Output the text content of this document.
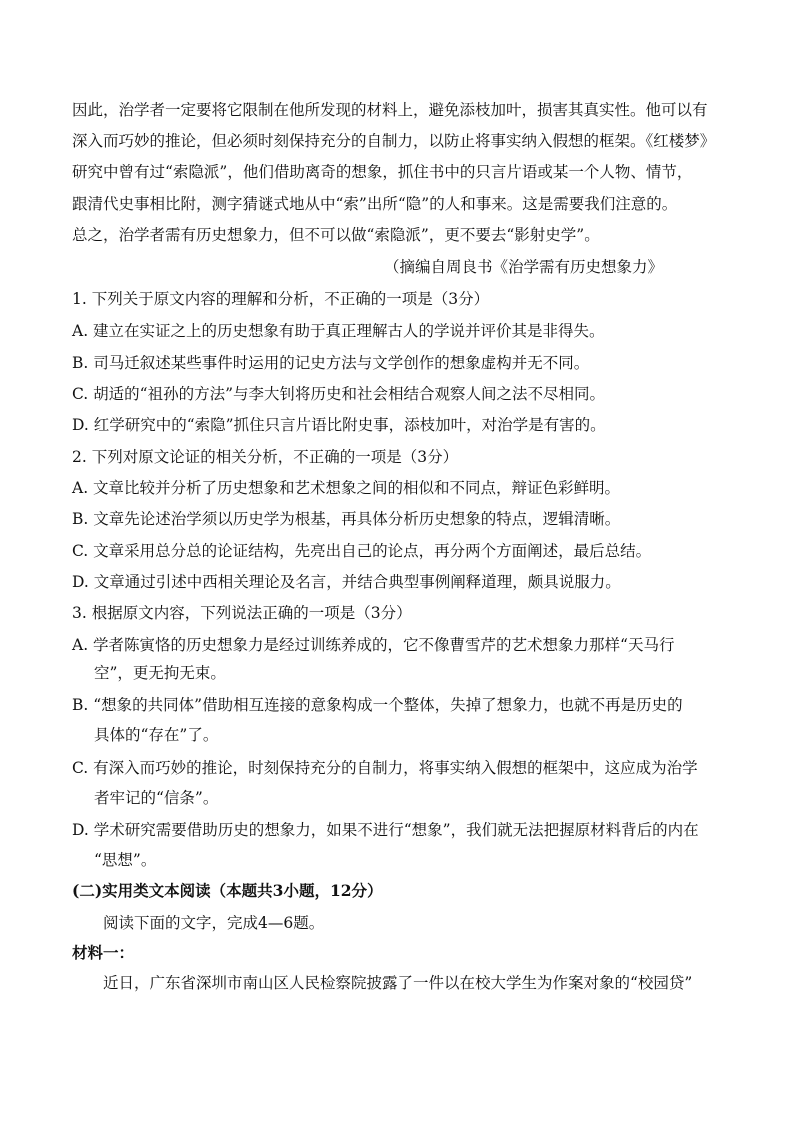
因此，治学者一定要将它限制在他所发现的材料上，避免添枝加叶，损害其真实性。他可以有
深入而巧妙的推论，但必须时刻保持充分的自制力，以防止将事实纳入假想的框架。《红楼梦》
研究中曾有过“索隐派”，他们借助离奇的想象，抓住书中的只言片语或某一个人物、情节，
跟清代史事相比附，测字猜谜式地从中“索”出所“隐”的人和事来。这是需要我们注意的。
总之，治学者需有历史想象力，但不可以做“索隐派”，更不要去“影射史学”。
（摘编自周良书《治学需有历史想象力》
1. 下列关于原文内容的理解和分析，不正确的一项是（3分）
A. 建立在实证之上的历史想象有助于真正理解古人的学说并评价其是非得失。
B. 司马迁叙述某些事件时运用的记史方法与文学创作的想象虚构并无不同。
C. 胡适的“祖孙的方法”与李大钊将历史和社会相结合观察人间之法不尽相同。
D. 红学研究中的“索隐”抓住只言片语比附史事，添枝加叶，对治学是有害的。
2. 下列对原文论证的相关分析，不正确的一项是（3分）
A. 文章比较并分析了历史想象和艺术想象之间的相似和不同点，辩证色彩鲜明。
B. 文章先论述治学须以历史学为根基，再具体分析历史想象的特点，逻辑清晰。
C. 文章采用总分总的论证结构，先亮出自己的论点，再分两个方面阐述，最后总结。
D. 文章通过引述中西相关理论及名言，并结合典型事例阐释道理，颇具说服力。
3. 根据原文内容，下列说法正确的一项是（3分）
A. 学者陈寅恪的历史想象力是经过训练养成的，它不像曹雪芹的艺术想象力那样“天马行
空”，更无拘无束。
B. “想象的共同体”借助相互连接的意象构成一个整体，失掉了想象力，也就不再是历史的
具体的“存在”了。
C. 有深入而巧妙的推论，时刻保持充分的自制力，将事实纳入假想的框架中，这应成为治学
者牢记的“信条”。
D. 学术研究需要借助历史的想象力，如果不进行“想象”，我们就无法把握原材料背后的内在
“思想”。
(二)实用类文本阅读（本题共3小题，12分）
阅读下面的文字，完成4—6题。
材料一：
近日，广东省深圳市南山区人民检察院披露了一件以在校大学生为作案对象的“校园贷”
